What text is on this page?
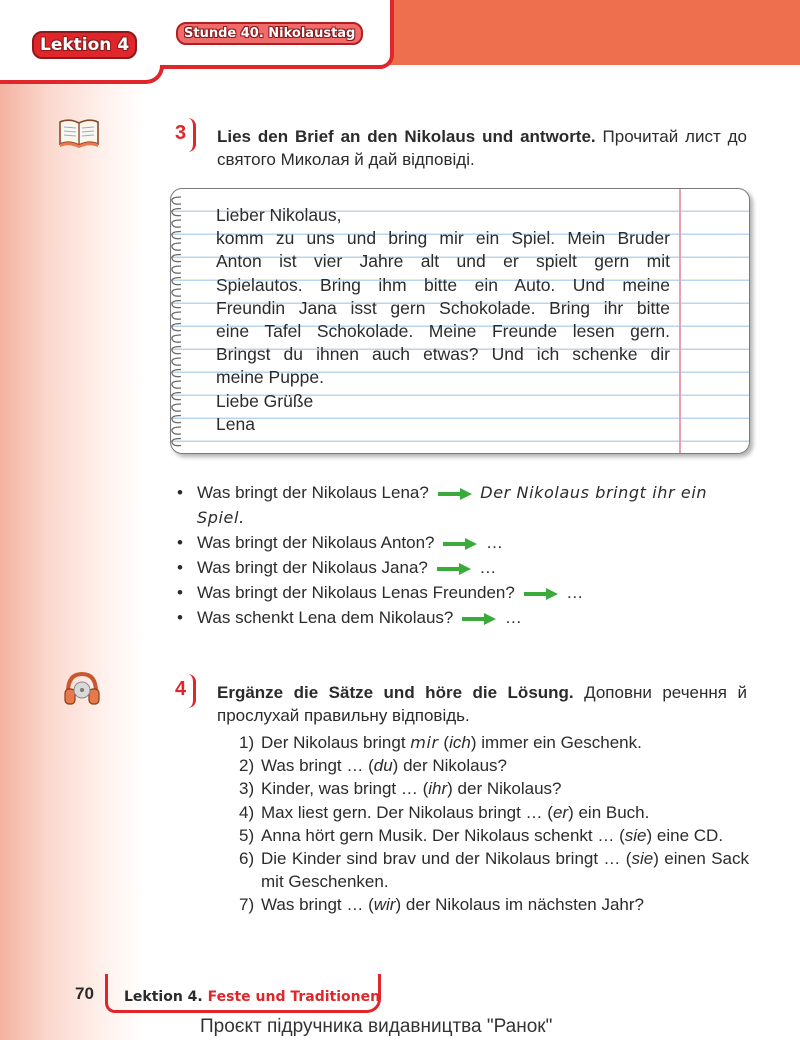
Lektion 4
Stunde 40. Nikolaustag
3 Lies den Brief an den Nikolaus und antworte. Прочитай лист до святого Миколая й дай відповіді.
Lieber Nikolaus,
komm zu uns und bring mir ein Spiel. Mein Bruder
Anton ist vier Jahre alt und er spielt gern mit
Spielautos. Bring ihm bitte ein Auto. Und meine
Freundin Jana isst gern Schokolade. Bring ihr bitte
eine Tafel Schokolade. Meine Freunde lesen gern.
Bringst du ihnen auch etwas? Und ich schenke dir
meine Puppe.
Liebe Grüße
Lena
• Was bringt der Nikolaus Lena?	Der Nikolaus bringt ihr ein Spiel.
• Was bringt der Nikolaus Anton?	…
• Was bringt der Nikolaus Jana?	…
• Was bringt der Nikolaus Lenas Freunden?	…
• Was schenkt Lena dem Nikolaus?	…
4 Ergänze die Sätze und höre die Lösung. Доповни речення й прослухай правильну відповідь.
1) Der Nikolaus bringt mir (ich) immer ein Geschenk.
2) Was bringt … (du) der Nikolaus?
3) Kinder, was bringt … (ihr) der Nikolaus?
4) Max liest gern. Der Nikolaus bringt … (er) ein Buch.
5) Anna hört gern Musik. Der Nikolaus schenkt … (sie) eine CD.
6) Die Kinder sind brav und der Nikolaus bringt … (sie) einen Sack mit Geschenken.
7) Was bringt … (wir) der Nikolaus im nächsten Jahr?
70 Lektion 4. Feste und Traditionen
Проєкт підручника видавництва "Ранок"
